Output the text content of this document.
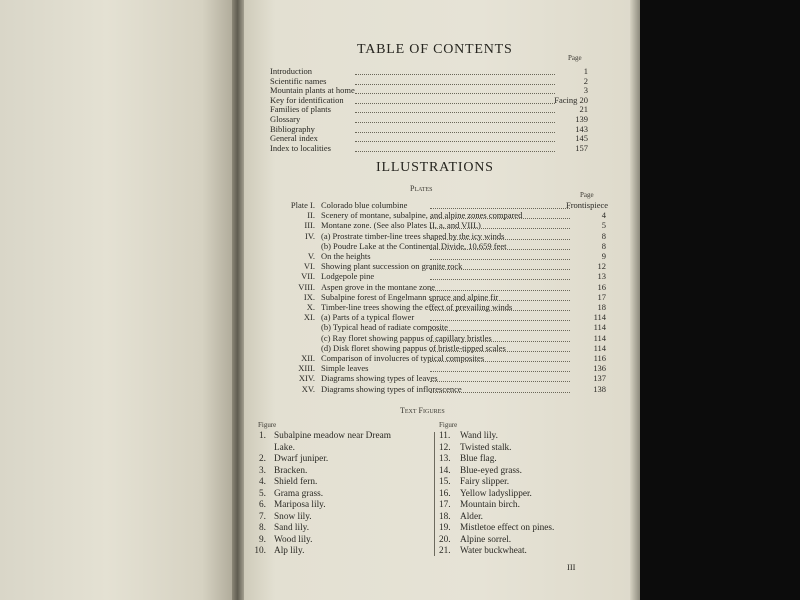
TABLE OF CONTENTS
Page
Introduction	1
Scientific names	2
Mountain plants at home	3
Key for identification	Facing 20
Families of plants	21
Glossary	139
Bibliography	143
General index	145
Index to localities	157
ILLUSTRATIONS
Plates
Page
Plate I. Colorado blue columbine	Frontispiece
II. Scenery of montane, subalpine, and alpine zones compared	4
III. Montane zone. (See also Plates II, a, and VIII.)	5
IV. (a) Prostrate timber-line trees shaped by the icy winds	8
(b) Poudre Lake at the Continental Divide, 10,659 feet	8
V. On the heights	9
VI. Showing plant succession on granite rock	12
VII. Lodgepole pine	13
VIII. Aspen grove in the montane zone	16
IX. Subalpine forest of Engelmann spruce and alpine fir	17
X. Timber-line trees showing the effect of prevailing winds	18
XI. (a) Parts of a typical flower	114
(b) Typical head of radiate composite	114
(c) Ray floret showing pappus of capillary bristles	114
(d) Disk floret showing pappus of bristle-tipped scales	114
XII. Comparison of involucres of typical composites	116
XIII. Simple leaves	136
XIV. Diagrams showing types of leaves	137
XV. Diagrams showing types of inflorescence	138
Text Figures
Figure	Figure
1. Subalpine meadow near Dream
Lake.
2. Dwarf juniper.
3. Bracken.
4. Shield fern.
5. Grama grass.
6. Mariposa lily.
7. Snow lily.
8. Sand lily.
9. Wood lily.
10. Alp lily.
11. Wand lily.
12. Twisted stalk.
13. Blue flag.
14. Blue-eyed grass.
15. Fairy slipper.
16. Yellow ladyslipper.
17. Mountain birch.
18. Alder.
19. Mistletoe effect on pines.
20. Alpine sorrel.
21. Water buckwheat.
III
